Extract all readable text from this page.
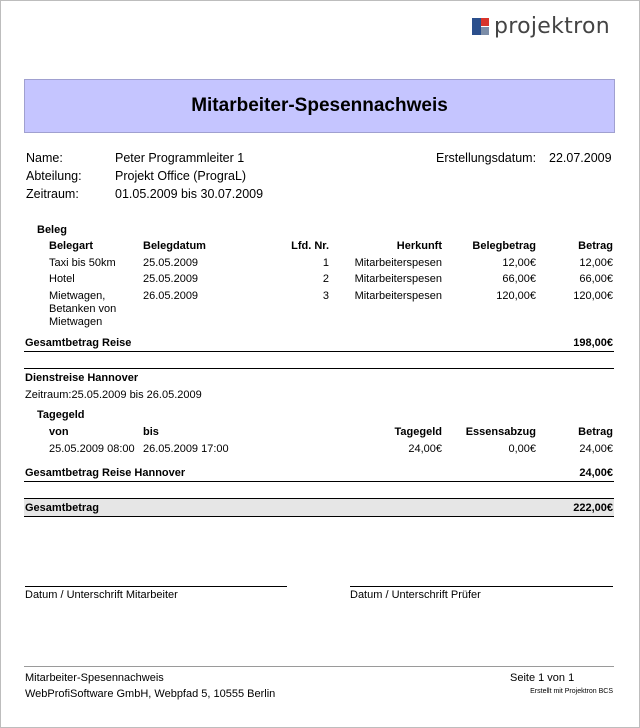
projektron
Mitarbeiter-Spesennachweis
Name:	Peter Programmleiter 1
Abteilung:	Projekt Office (PrograL)
Zeitraum:	01.05.2009 bis 30.07.2009
Erstellungsdatum: 22.07.2009
Beleg
Belegart	Belegdatum	Lfd. Nr.	Herkunft	Belegbetrag	Betrag
Taxi bis 50km 25.05.2009	1	Mitarbeiterspesen	12,00€	12,00€
Hotel	25.05.2009	2	Mitarbeiterspesen	66,00€	66,00€
Mietwagen,
Betanken von
Mietwagen
26.05.2009	3	Mitarbeiterspesen	120,00€	120,00€
Gesamtbetrag Reise	198,00€
Dienstreise Hannover
Zeitraum:25.05.2009 bis 26.05.2009
Tagegeld
von	bis	Tagegeld	Essensabzug	Betrag
25.05.2009 08:00 26.05.2009 17:00	24,00€	0,00€	24,00€
Gesamtbetrag Reise Hannover	24,00€
Gesamtbetrag	222,00€
Datum / Unterschrift Mitarbeiter	Datum / Unterschrift Prüfer
Mitarbeiter-Spesennachweis
WebProfiSoftware GmbH, Webpfad 5, 10555 Berlin
Seite 1 von 1
Erstellt mit Projektron BCS
